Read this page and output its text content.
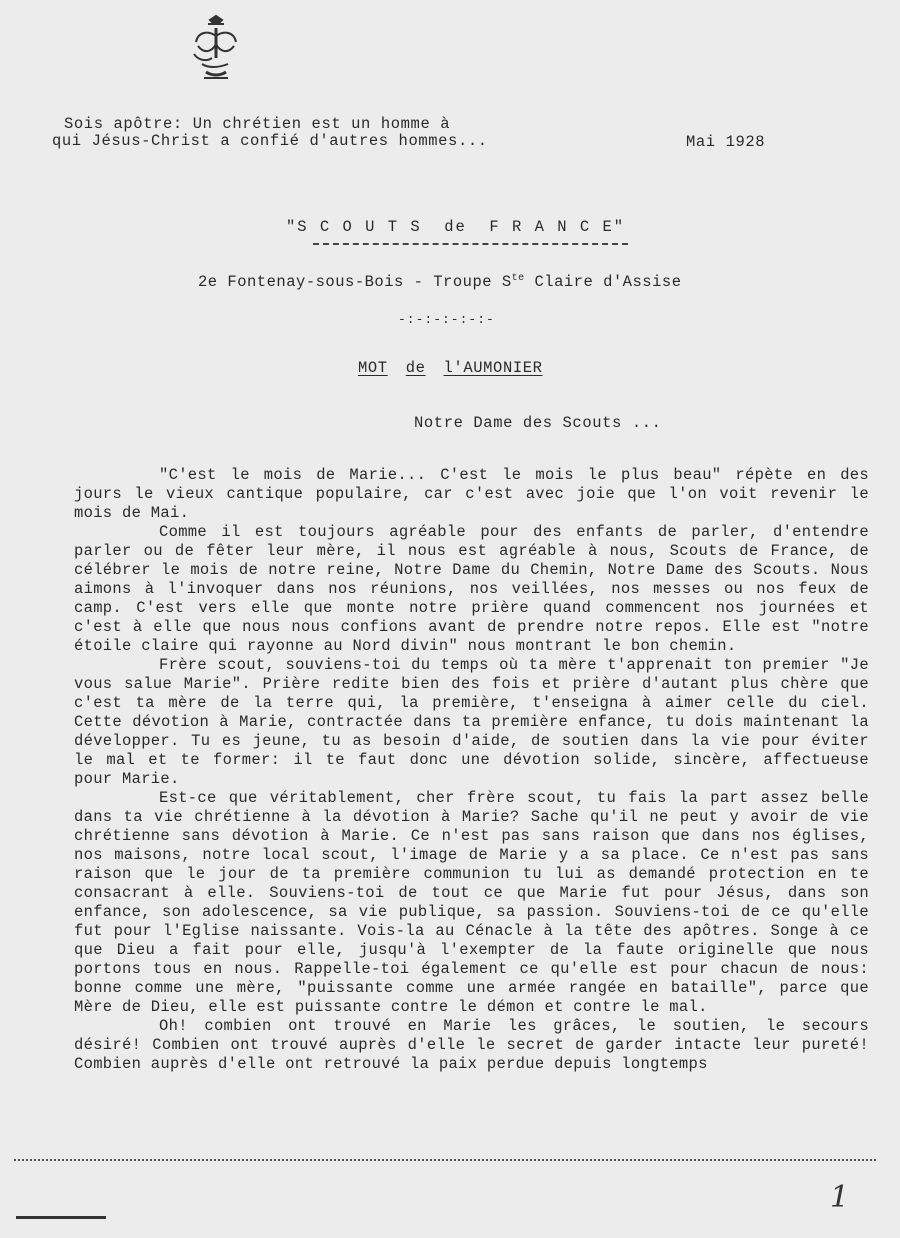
Sois apôtre: Un chrétien est un homme à
qui Jésus-Christ a confié d'autres hommes...	Mai 1928
"S C O U T S  de  F R A N C E"
2e Fontenay-sous-Bois - Troupe $S^{te}$ Claire d'Assise
-:-:-:-:-:-
MOT de l'AUMONIER
Notre Dame des Scouts ...

"C'est le mois de Marie... C'est le mois le plus beau" répète en des jours le vieux cantique populaire, car c'est avec joie que l'on voit revenir le mois de Mai.

Comme il est toujours agréable pour des enfants de parler, d'entendre parler ou de fêter leur mère, il nous est agréable à nous, Scouts de France, de célébrer le mois de notre reine, Notre Dame du Chemin, Notre Dame des Scouts. Nous aimons à l'invoquer dans nos réunions, nos veillées, nos messes ou nos feux de camp. C'est vers elle que monte notre prière quand commencent nos journées et c'est à elle que nous nous confions avant de prendre notre repos. Elle est "notre étoile claire qui rayonne au Nord divin" nous montrant le bon chemin.

Frère scout, souviens-toi du temps où ta mère t'apprenait ton premier "Je vous salue Marie". Prière redite bien des fois et prière d'autant plus chère que c'est ta mère de la terre qui, la première, t'enseigna à aimer celle du ciel. Cette dévotion à Marie, contractée dans ta première enfance, tu dois maintenant la développer. Tu es jeune, tu as besoin d'aide, de soutien dans la vie pour éviter le mal et te former: il te faut donc une dévotion solide, sincère, affectueuse pour Marie.

Est-ce que véritablement, cher frère scout, tu fais la part assez belle dans ta vie chrétienne à la dévotion à Marie? Sache qu'il ne peut y avoir de vie chrétienne sans dévotion à Marie. Ce n'est pas sans raison que dans nos églises, nos maisons, notre local scout, l'image de Marie y a sa place. Ce n'est pas sans raison que le jour de ta première communion tu lui as demandé protection en te consacrant à elle. Souviens-toi de tout ce que Marie fut pour Jésus, dans son enfance, son adolescence, sa vie publique, sa passion. Souviens-toi de ce qu'elle fut pour l'Eglise naissante. Vois-la au Cénacle à la tête des apôtres. Songe à ce que Dieu a fait pour elle, jusqu'à l'exempter de la faute originelle que nous portons tous en nous. Rappelle-toi également ce qu'elle est pour chacun de nous: bonne comme une mère, "puissante comme une armée rangée en bataille", parce que Mère de Dieu, elle est puissante contre le démon et contre le mal.

Oh! combien ont trouvé en Marie les grâces, le soutien, le secours désiré! Combien ont trouvé auprès d'elle le secret de garder intacte leur pureté! Combien auprès d'elle ont retrouvé la paix perdue depuis longtemps

1
